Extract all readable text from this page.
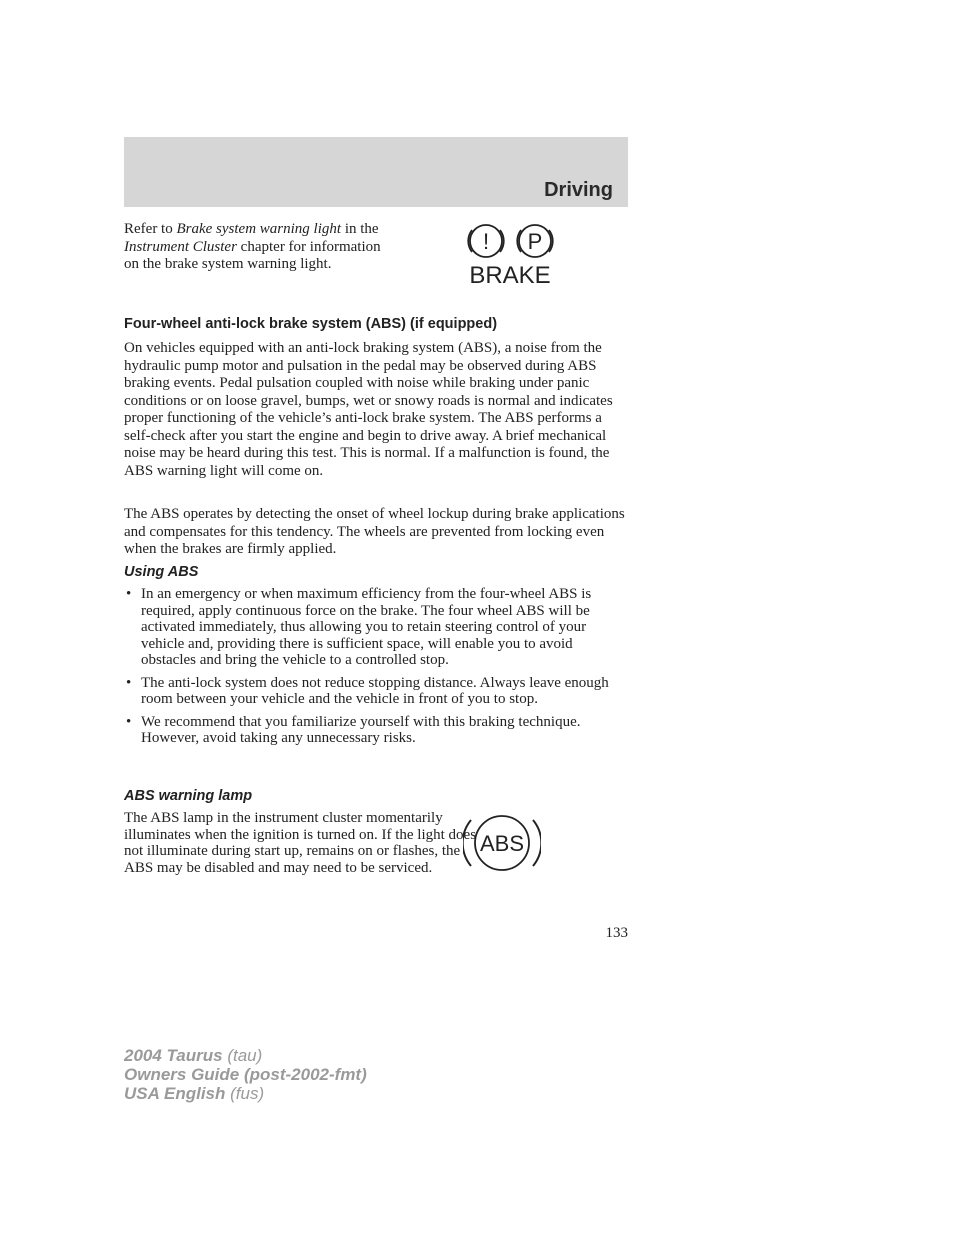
Driving
Refer to Brake system warning light in the Instrument Cluster chapter for information on the brake system warning light.
! P
BRAKE
Four-wheel anti-lock brake system (ABS) (if equipped)
On vehicles equipped with an anti-lock braking system (ABS), a noise from the hydraulic pump motor and pulsation in the pedal may be observed during ABS braking events. Pedal pulsation coupled with noise while braking under panic conditions or on loose gravel, bumps, wet or snowy roads is normal and indicates proper functioning of the vehicle’s anti-lock brake system. The ABS performs a self-check after you start the engine and begin to drive away. A brief mechanical noise may be heard during this test. This is normal. If a malfunction is found, the ABS warning light will come on.
The ABS operates by detecting the onset of wheel lockup during brake applications and compensates for this tendency. The wheels are prevented from locking even when the brakes are firmly applied.
Using ABS
• In an emergency or when maximum efficiency from the four-wheel ABS is required, apply continuous force on the brake. The four wheel ABS will be activated immediately, thus allowing you to retain steering control of your vehicle and, providing there is sufficient space, will enable you to avoid obstacles and bring the vehicle to a controlled stop.
• The anti-lock system does not reduce stopping distance. Always leave enough room between your vehicle and the vehicle in front of you to stop.
• We recommend that you familiarize yourself with this braking technique. However, avoid taking any unnecessary risks.
ABS warning lamp
The ABS lamp in the instrument cluster momentarily illuminates when the ignition is turned on. If the light does not illuminate during start up, remains on or flashes, the ABS may be disabled and may need to be serviced.
ABS
133
2004 Taurus (tau)
Owners Guide (post-2002-fmt)
USA English (fus)
